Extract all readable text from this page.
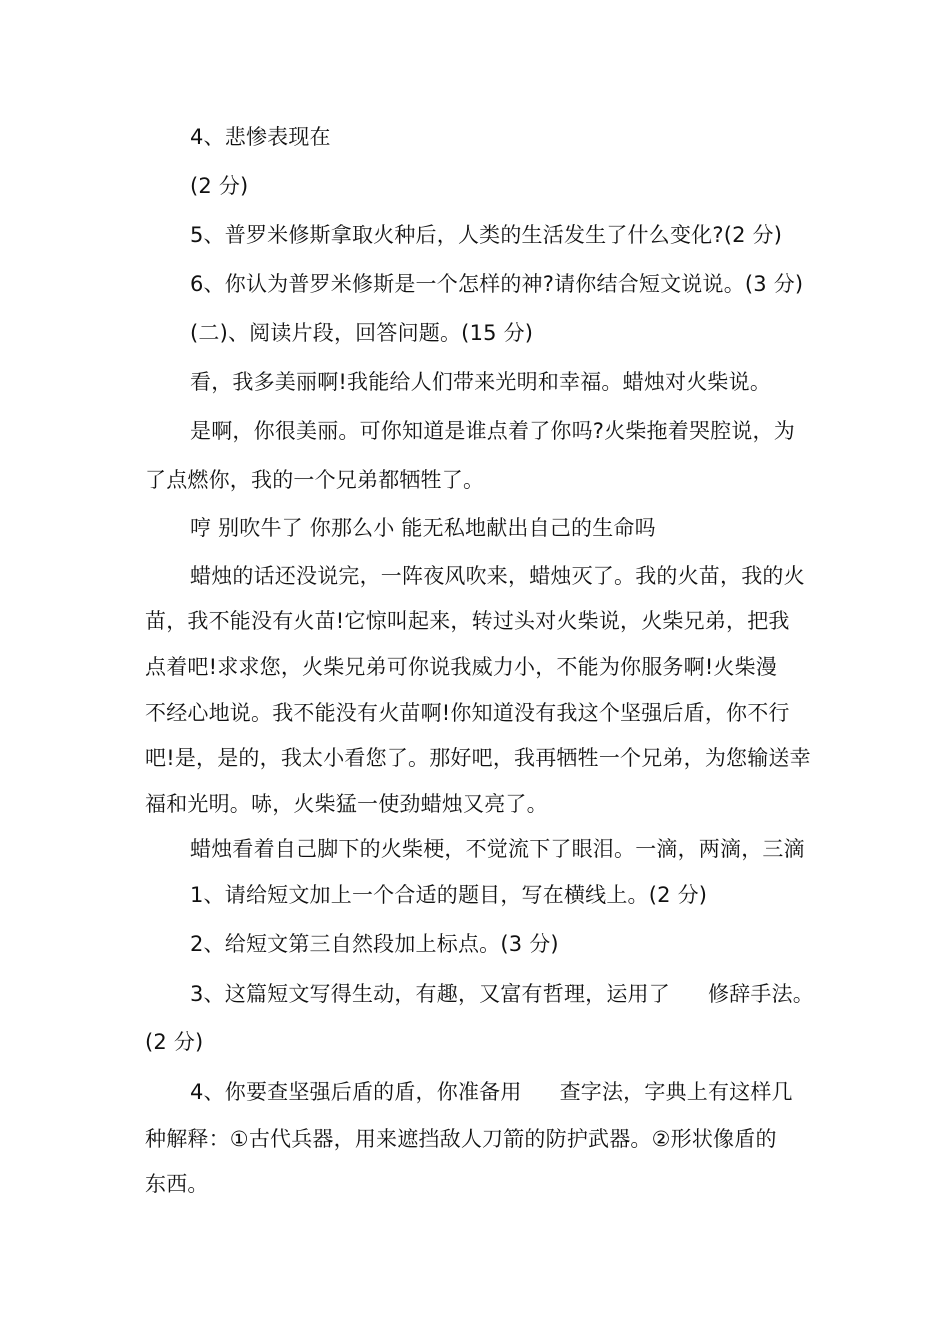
4、悲惨表现在
(2 分)
5、普罗米修斯拿取火种后，人类的生活发生了什么变化?(2 分)
6、你认为普罗米修斯是一个怎样的神?请你结合短文说说。(3 分)
(二)、阅读片段，回答问题。(15 分)
看，我多美丽啊!我能给人们带来光明和幸福。蜡烛对火柴说。
是啊，你很美丽。可你知道是谁点着了你吗?火柴拖着哭腔说，为
了点燃你，我的一个兄弟都牺牲了。
哼 别吹牛了 你那么小 能无私地献出自己的生命吗
蜡烛的话还没说完，一阵夜风吹来，蜡烛灭了。我的火苗，我的火
苗，我不能没有火苗!它惊叫起来，转过头对火柴说，火柴兄弟，把我
点着吧!求求您，火柴兄弟可你说我威力小，不能为你服务啊!火柴漫
不经心地说。我不能没有火苗啊!你知道没有我这个坚强后盾，你不行
吧!是，是的，我太小看您了。那好吧，我再牺牲一个兄弟，为您输送幸
福和光明。哧，火柴猛一使劲蜡烛又亮了。
蜡烛看着自己脚下的火柴梗，不觉流下了眼泪。一滴，两滴，三滴
1、请给短文加上一个合适的题目，写在横线上。(2 分)
2、给短文第三自然段加上标点。(3 分)
3、这篇短文写得生动，有趣，又富有哲理，运用了 修辞手法。
(2 分)
4、你要查坚强后盾的盾，你准备用 查字法，字典上有这样几
种解释：①古代兵器，用来遮挡敌人刀箭的防护武器。②形状像盾的
东西。
